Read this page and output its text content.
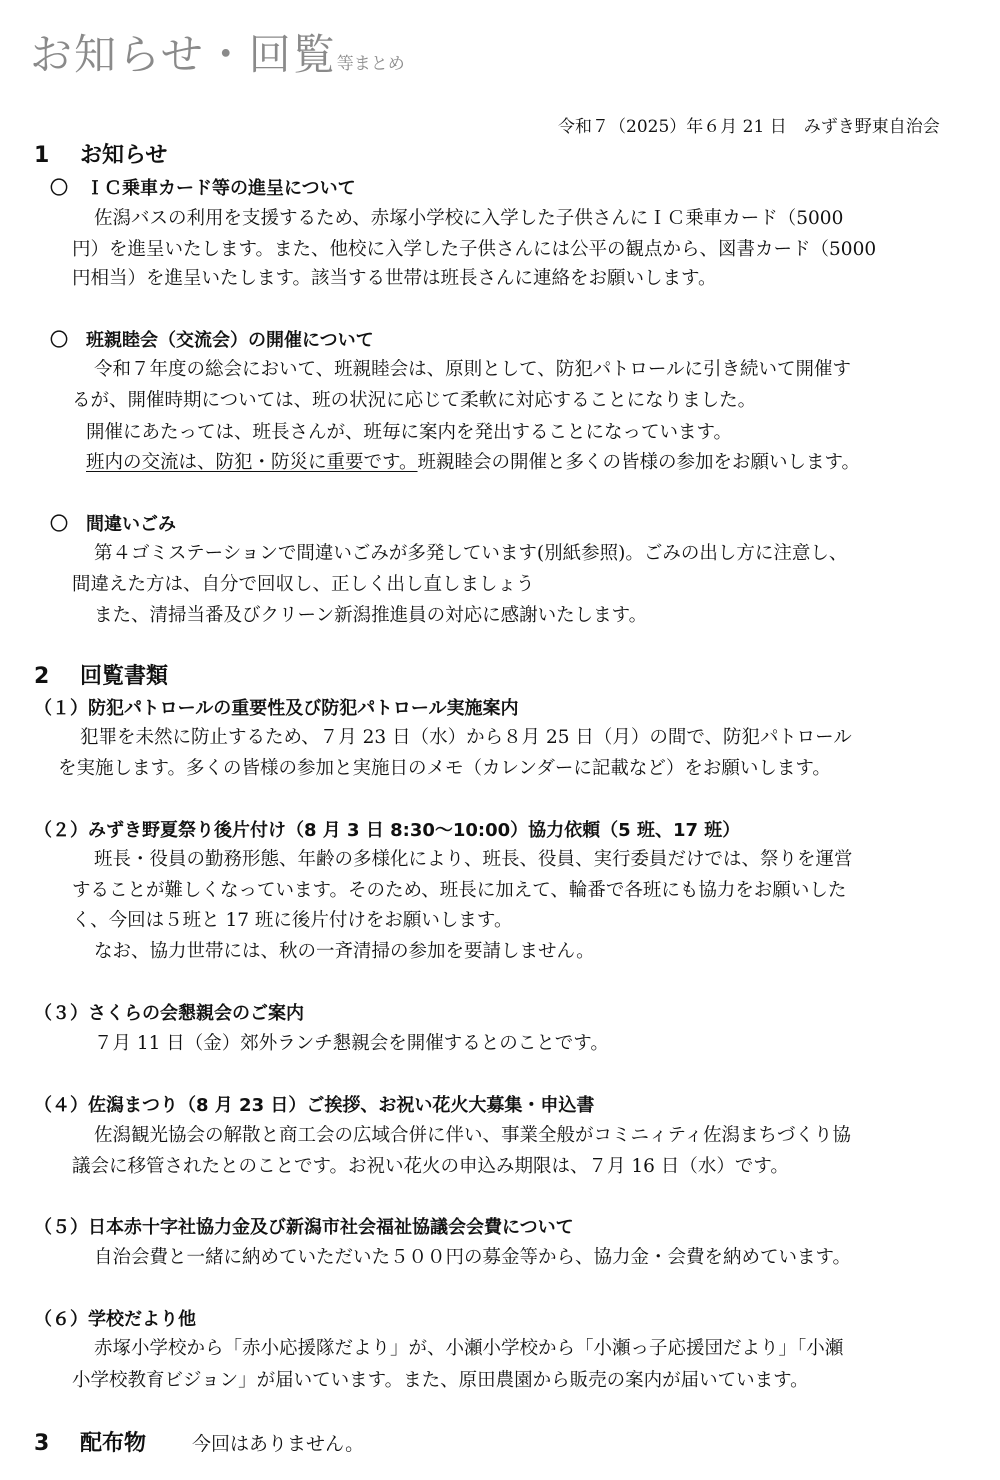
お知らせ・回覧等まとめ
令和７（2025）年６月 21 日　みずき野東自治会
1 お知らせ
〇　ＩＣ乗車カード等の進呈について
佐潟バスの利用を支援するため、赤塚小学校に入学した子供さんにＩＣ乗車カード（5000
円）を進呈いたします。また、他校に入学した子供さんには公平の観点から、図書カード（5000
円相当）を進呈いたします。該当する世帯は班長さんに連絡をお願いします。
〇　班親睦会（交流会）の開催について
令和７年度の総会において、班親睦会は、原則として、防犯パトロールに引き続いて開催す
るが、開催時期については、班の状況に応じて柔軟に対応することになりました。
開催にあたっては、班長さんが、班毎に案内を発出することになっています。
班内の交流は、防犯・防災に重要です。班親睦会の開催と多くの皆様の参加をお願いします。
〇　間違いごみ
第４ゴミステーションで間違いごみが多発しています(別紙参照)。ごみの出し方に注意し、
間違えた方は、自分で回収し、正しく出し直しましょう
また、清掃当番及びクリーン新潟推進員の対応に感謝いたします。
2 回覧書類
（１）防犯パトロールの重要性及び防犯パトロール実施案内
犯罪を未然に防止するため、７月 23 日（水）から８月 25 日（月）の間で、防犯パトロール
を実施します。多くの皆様の参加と実施日のメモ（カレンダーに記載など）をお願いします。
（２）みずき野夏祭り後片付け（8 月 3 日 8:30～10:00）協力依頼（5 班、17 班）
班長・役員の勤務形態、年齢の多様化により、班長、役員、実行委員だけでは、祭りを運営
することが難しくなっています。そのため、班長に加えて、輪番で各班にも協力をお願いした
く、今回は５班と 17 班に後片付けをお願いします。
なお、協力世帯には、秋の一斉清掃の参加を要請しません。
（３）さくらの会懇親会のご案内
７月 11 日（金）郊外ランチ懇親会を開催するとのことです。
（４）佐潟まつり（8 月 23 日）ご挨拶、お祝い花火大募集・申込書
佐潟観光協会の解散と商工会の広域合併に伴い、事業全般がコミニィティ佐潟まちづくり協
議会に移管されたとのことです。お祝い花火の申込み期限は、７月 16 日（水）です。
（５）日本赤十字社協力金及び新潟市社会福祉協議会会費について
自治会費と一緒に納めていただいた５００円の募金等から、協力金・会費を納めています。
（６）学校だより他
赤塚小学校から「赤小応援隊だより」が、小瀬小学校から「小瀬っ子応援団だより」「小瀬
小学校教育ビジョン」が届いています。また、原田農園から販売の案内が届いています。
3 配布物 今回はありません。
